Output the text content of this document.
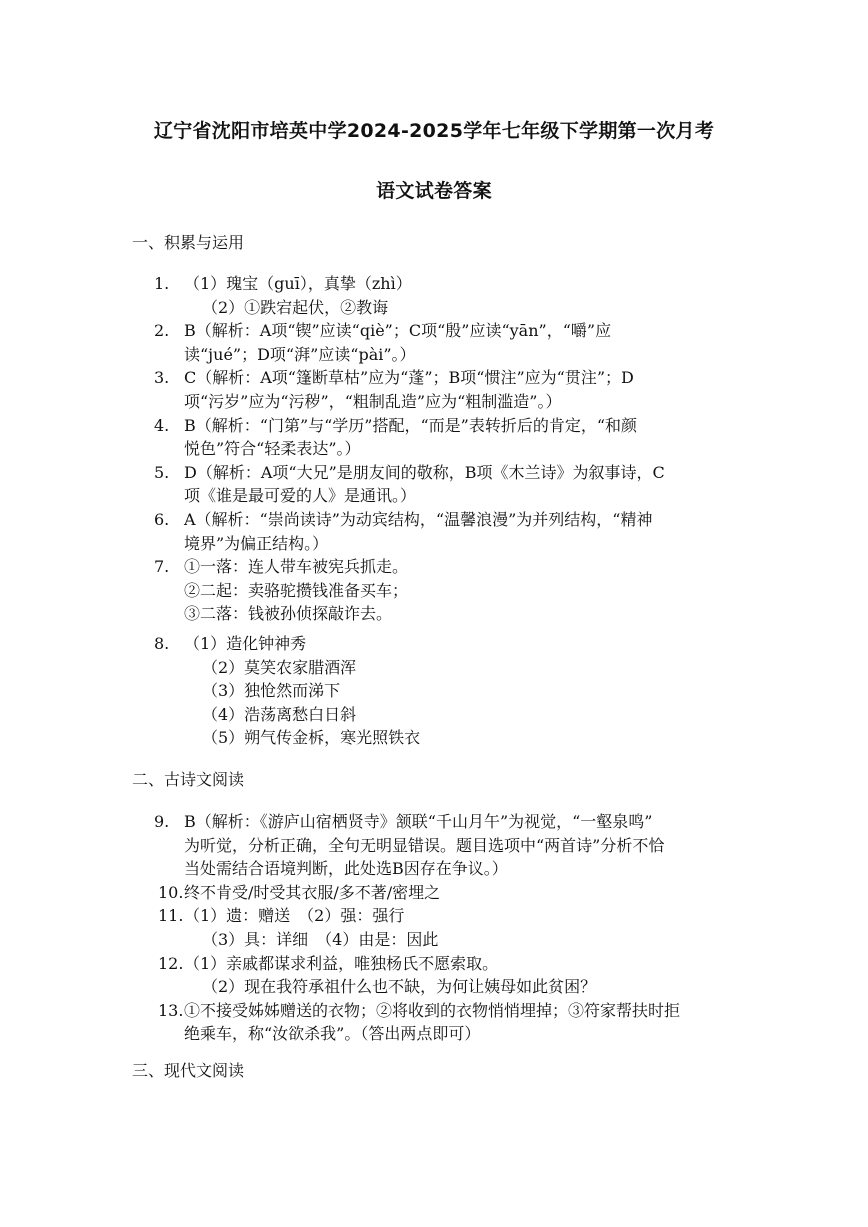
辽宁省沈阳市培英中学2024-2025学年七年级下学期第一次月考
语文试卷答案
一、积累与运用
1. （1）瑰宝（guī），真挚（zhì）
（2）①跌宕起伏，②教诲
2. B（解析：A项“锲”应读“qiè”；C项“殷”应读“yān”，“嚼”应
读“jué”；D项“湃”应读“pài”。）
3. C（解析：A项“篷断草枯”应为“蓬”；B项“惯注”应为“贯注”；D
项“污岁”应为“污秽”，“粗制乱造”应为“粗制滥造”。）
4. B（解析：“门第”与“学历”搭配，“而是”表转折后的肯定，“和颜
悦色”符合“轻柔表达”。）
5. D（解析：A项“大兄”是朋友间的敬称，B项《木兰诗》为叙事诗，C
项《谁是最可爱的人》是通讯。）
6. A（解析：“崇尚读诗”为动宾结构，“温馨浪漫”为并列结构，“精神
境界”为偏正结构。）
7. ①一落：连人带车被宪兵抓走。
②二起：卖骆驼攒钱准备买车；
③二落：钱被孙侦探敲诈去。
8. （1）造化钟神秀
（2）莫笑农家腊酒浑
（3）独怆然而涕下
（4）浩荡离愁白日斜
（5）朔气传金柝，寒光照铁衣
二、古诗文阅读
9. B（解析：《游庐山宿栖贤寺》颔联“千山月午”为视觉，“一壑泉鸣”
为听觉，分析正确，全句无明显错误。题目选项中“两首诗”分析不恰
当处需结合语境判断，此处选B因存在争议。）
10. 终不肯受/时受其衣服/多不著/密埋之
11. （1）遗：赠送　（2）强：强行
（3）具：详细　（4）由是：因此
12. （1）亲戚都谋求利益，唯独杨氏不愿索取。
（2）现在我符承祖什么也不缺，为何让姨母如此贫困？
13. ①不接受姊姊赠送的衣物；②将收到的衣物悄悄埋掉；③符家帮扶时拒
绝乘车，称“汝欲杀我”。（答出两点即可）
三、现代文阅读
